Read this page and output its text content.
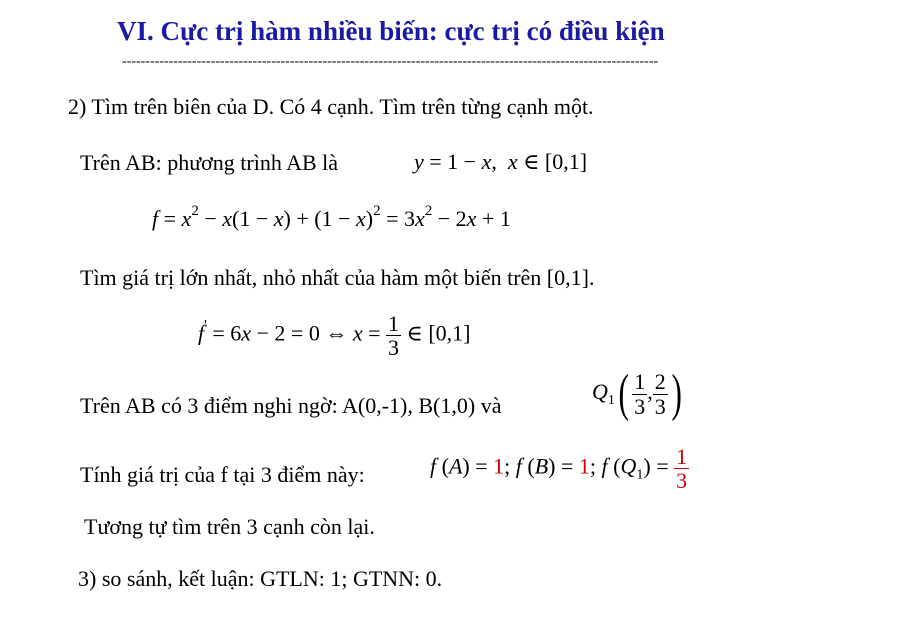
VI. Cực trị hàm nhiều biến: cực trị có điều kiện
-------------------------------------------------------------------------------------------------------------------
2) Tìm trên biên của D. Có 4 cạnh. Tìm trên từng cạnh một.
Trên AB: phương trình AB là	y = 1 − x,  x ∈ [0,1]
$f = x^2 - x(1 - x) + (1 - x)^2 = 3x^2 - 2x + 1$
Tìm giá trị lớn nhất, nhỏ nhất của hàm một biến trên [0,1].
f' = 6x − 2 = 0 ⇔ $x = \frac{1}{3}$ ∈ [0,1]
Trên AB có 3 điểm nghi ngờ: A(0,-1), B(1,0) và
$Q_1( \frac{1}{3}$ , $\frac{2}{3}$ )
Tính giá trị của f tại 3 điểm này:	f (A) = 1; f (B) = 1; f $(Q_1) = \frac{1}{3}$
Tương tự tìm trên 3 cạnh còn lại.
3) so sánh, kết luận: GTLN: 1; GTNN: 0.
